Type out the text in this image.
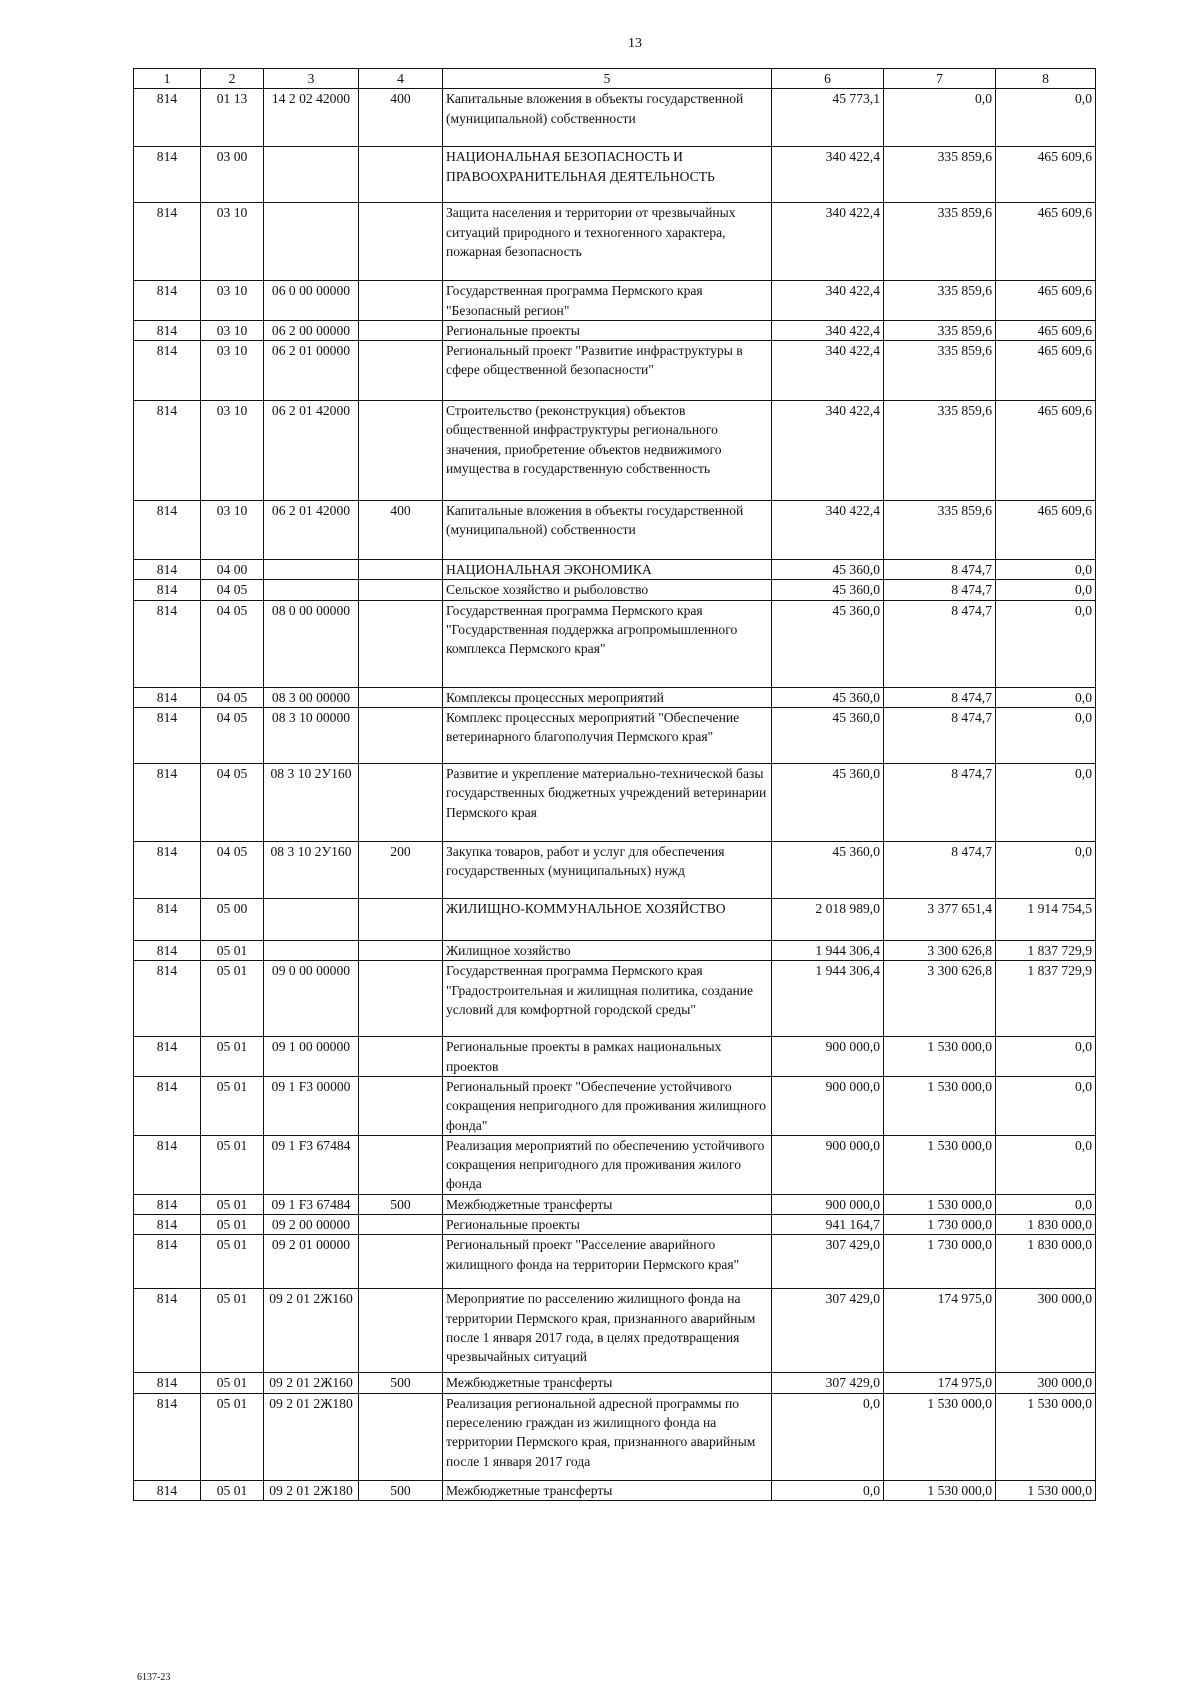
13
1	2	3	4	5	6	7	8
814	01 13	14 2 02 42000	400	Капитальные вложения в объекты государственной (муниципальной) собственности	45 773,1	0,0	0,0
814	03 00			НАЦИОНАЛЬНАЯ БЕЗОПАСНОСТЬ И ПРАВООХРАНИТЕЛЬНАЯ ДЕЯТЕЛЬНОСТЬ	340 422,4	335 859,6	465 609,6
814	03 10			Защита населения и территории от чрезвычайных ситуаций природного и техногенного характера, пожарная безопасность	340 422,4	335 859,6	465 609,6
814	03 10	06 0 00 00000		Государственная программа Пермского края "Безопасный регион"	340 422,4	335 859,6	465 609,6
814	03 10	06 2 00 00000		Региональные проекты	340 422,4	335 859,6	465 609,6
814	03 10	06 2 01 00000		Региональный проект "Развитие инфраструктуры в сфере общественной безопасности"	340 422,4	335 859,6	465 609,6
814	03 10	06 2 01 42000		Строительство (реконструкция) объектов общественной инфраструктуры регионального значения, приобретение объектов недвижимого имущества в государственную собственность	340 422,4	335 859,6	465 609,6
814	03 10	06 2 01 42000	400	Капитальные вложения в объекты государственной (муниципальной) собственности	340 422,4	335 859,6	465 609,6
814	04 00			НАЦИОНАЛЬНАЯ ЭКОНОМИКА	45 360,0	8 474,7	0,0
814	04 05			Сельское хозяйство и рыболовство	45 360,0	8 474,7	0,0
814	04 05	08 0 00 00000		Государственная программа Пермского края "Государственная поддержка агропромышленного комплекса Пермского края"	45 360,0	8 474,7	0,0
814	04 05	08 3 00 00000		Комплексы процессных мероприятий	45 360,0	8 474,7	0,0
814	04 05	08 3 10 00000		Комплекс процессных мероприятий "Обеспечение ветеринарного благополучия Пермского края"	45 360,0	8 474,7	0,0
814	04 05	08 3 10 2У160		Развитие и укрепление материально-технической базы государственных бюджетных учреждений ветеринарии Пермского края	45 360,0	8 474,7	0,0
814	04 05	08 3 10 2У160	200	Закупка товаров, работ и услуг для обеспечения государственных (муниципальных) нужд	45 360,0	8 474,7	0,0
814	05 00			ЖИЛИЩНО-КОММУНАЛЬНОЕ ХОЗЯЙСТВО	2 018 989,0	3 377 651,4	1 914 754,5
814	05 01			Жилищное хозяйство	1 944 306,4	3 300 626,8	1 837 729,9
814	05 01	09 0 00 00000		Государственная программа Пермского края "Градостроительная и жилищная политика, создание условий для комфортной городской среды"	1 944 306,4	3 300 626,8	1 837 729,9
814	05 01	09 1 00 00000		Региональные проекты в рамках национальных проектов	900 000,0	1 530 000,0	0,0
814	05 01	09 1 F3 00000		Региональный проект "Обеспечение устойчивого сокращения непригодного для проживания жилищного фонда"	900 000,0	1 530 000,0	0,0
814	05 01	09 1 F3 67484		Реализация мероприятий по обеспечению устойчивого сокращения непригодного для проживания жилого фонда	900 000,0	1 530 000,0	0,0
814	05 01	09 1 F3 67484	500	Межбюджетные трансферты	900 000,0	1 530 000,0	0,0
814	05 01	09 2 00 00000		Региональные проекты	941 164,7	1 730 000,0	1 830 000,0
814	05 01	09 2 01 00000		Региональный проект "Расселение аварийного жилищного фонда на территории Пермского края"	307 429,0	1 730 000,0	1 830 000,0
814	05 01	09 2 01 2Ж160		Мероприятие по расселению жилищного фонда на территории Пермского края, признанного аварийным после 1 января 2017 года, в целях предотвращения чрезвычайных ситуаций	307 429,0	174 975,0	300 000,0
814	05 01	09 2 01 2Ж160	500	Межбюджетные трансферты	307 429,0	174 975,0	300 000,0
814	05 01	09 2 01 2Ж180		Реализация региональной адресной программы по переселению граждан из жилищного фонда на территории Пермского края, признанного аварийным после 1 января 2017 года	0,0	1 530 000,0	1 530 000,0
814	05 01	09 2 01 2Ж180	500	Межбюджетные трансферты	0,0	1 530 000,0	1 530 000,0
6137-23
